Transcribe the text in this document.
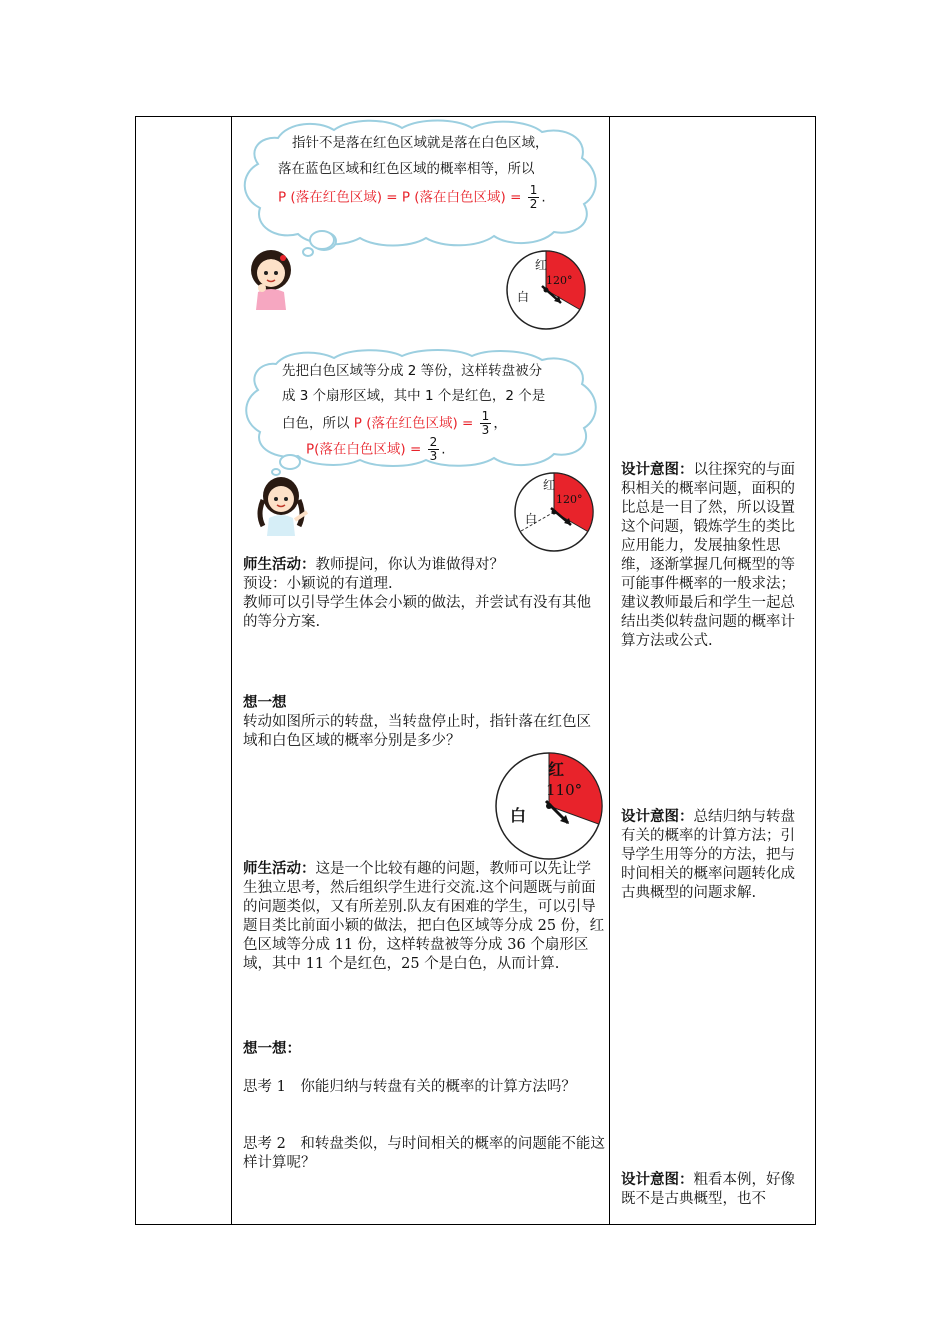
指针不是落在红色区域就是落在白色区域，
落在蓝色区域和红色区域的概率相等，所以
P (落在红色区域) = P (落在白色区域) = $\frac{1}{2}$ .
红
120°
白
先把白色区域等分成 2 等份，这样转盘被分
成 3 个扇形区域，其中 1 个是红色，2 个是
白色，所以 P (落在红色区域) = $\frac{1}{3}$ ，
P(落在白色区域) = $\frac{2}{3}$ .
红
120°
白
师生活动：教师提问，你认为谁做得对？
预设：小颖说的有道理.
教师可以引导学生体会小颖的做法，并尝试有没有其他的等分方案.
想一想
转动如图所示的转盘，当转盘停止时，指针落在红色区域和白色区域的概率分别是多少？
红
110°
白
师生活动：这是一个比较有趣的问题，教师可以先让学生独立思考，然后组织学生进行交流.这个问题既与前面的问题类似，又有所差别.队友有困难的学生，可以引导题目类比前面小颖的做法，把白色区域等分成 25 份，红色区域等分成 11 份，这样转盘被等分成 36 个扇形区域，其中 11 个是红色，25 个是白色，从而计算.
想一想：
思考 1　你能归纳与转盘有关的概率的计算方法吗？
思考 2　和转盘类似，与时间相关的概率的问题能不能这样计算呢？
设计意图：以往探究的与面积相关的概率问题，面积的比总是一目了然，所以设置这个问题，锻炼学生的类比应用能力，发展抽象性思维，逐渐掌握几何概型的等可能事件概率的一般求法；建议教师最后和学生一起总结出类似转盘问题的概率计算方法或公式.
设计意图：总结归纳与转盘有关的概率的计算方法；引导学生用等分的方法，把与时间相关的概率问题转化成古典概型的问题求解.
设计意图：粗看本例，好像既不是古典概型，也不
